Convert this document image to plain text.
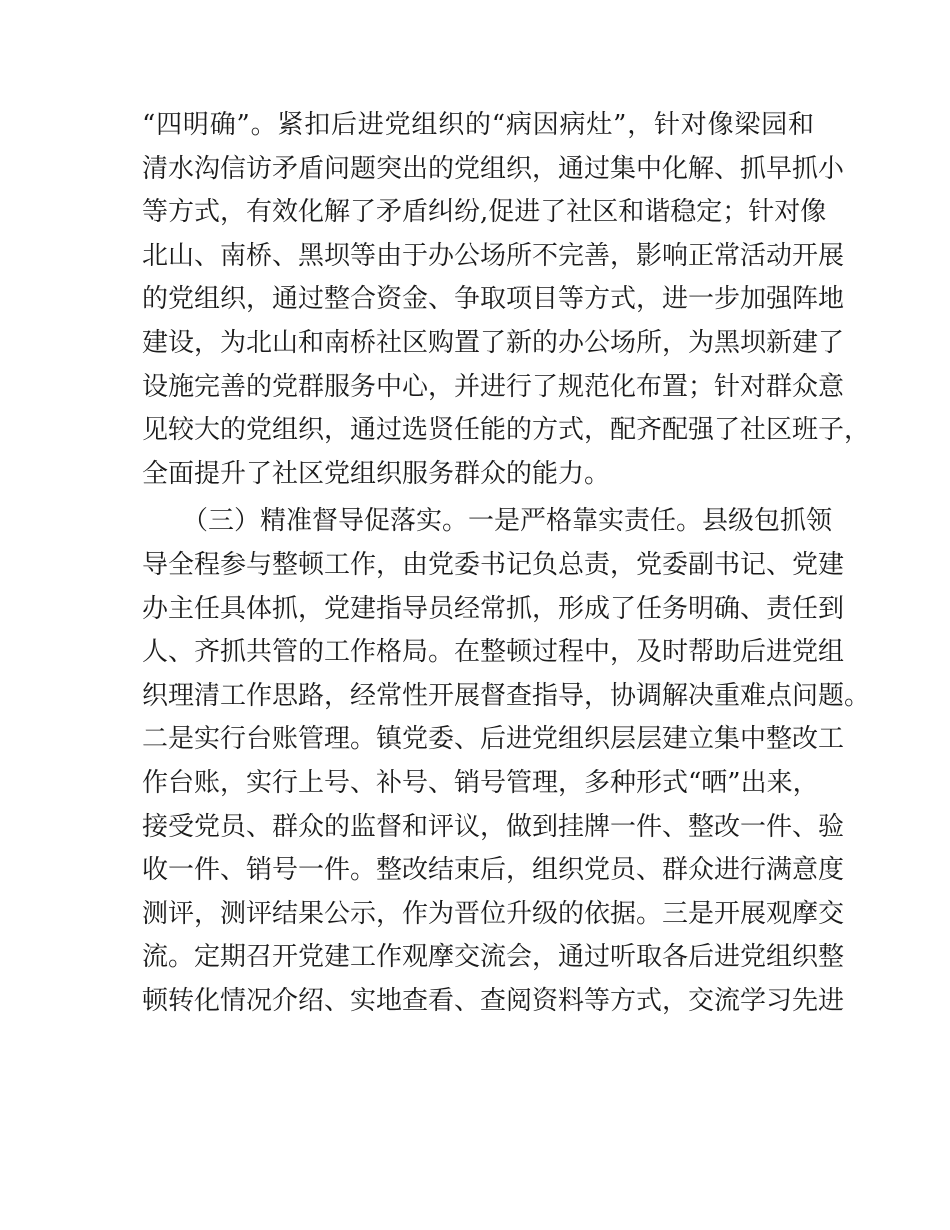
“四明确”。紧扣后进党组织的“病因病灶”，针对像梁园和
清水沟信访矛盾问题突出的党组织，通过集中化解、抓早抓小
等方式，有效化解了矛盾纠纷,促进了社区和谐稳定；针对像
北山、南桥、黑坝等由于办公场所不完善，影响正常活动开展
的党组织，通过整合资金、争取项目等方式，进一步加强阵地
建设，为北山和南桥社区购置了新的办公场所，为黑坝新建了
设施完善的党群服务中心，并进行了规范化布置；针对群众意
见较大的党组织，通过选贤任能的方式，配齐配强了社区班子，
全面提升了社区党组织服务群众的能力。
（三）精准督导促落实。一是严格靠实责任。县级包抓领
导全程参与整顿工作，由党委书记负总责，党委副书记、党建
办主任具体抓，党建指导员经常抓，形成了任务明确、责任到
人、齐抓共管的工作格局。在整顿过程中，及时帮助后进党组
织理清工作思路，经常性开展督查指导，协调解决重难点问题。
二是实行台账管理。镇党委、后进党组织层层建立集中整改工
作台账，实行上号、补号、销号管理，多种形式“晒”出来，
接受党员、群众的监督和评议，做到挂牌一件、整改一件、验
收一件、销号一件。整改结束后，组织党员、群众进行满意度
测评，测评结果公示，作为晋位升级的依据。三是开展观摩交
流。定期召开党建工作观摩交流会，通过听取各后进党组织整
顿转化情况介绍、实地查看、查阅资料等方式，交流学习先进
